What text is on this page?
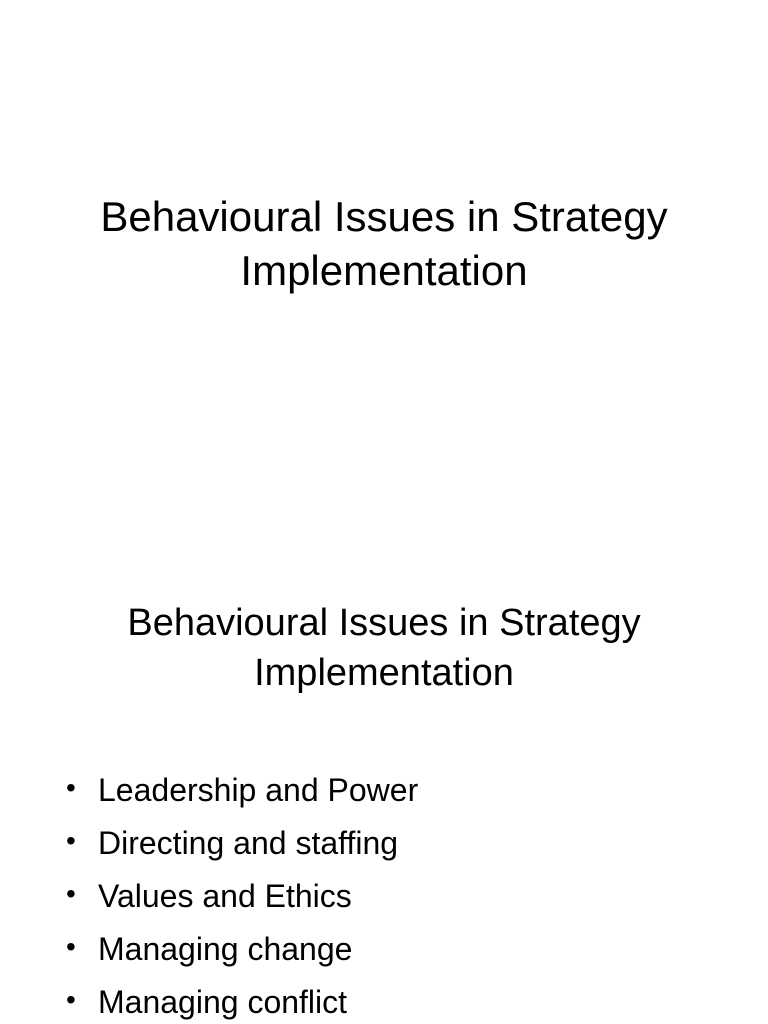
Behavioural Issues in Strategy
Implementation
Behavioural Issues in Strategy
Implementation
• Leadership and Power
• Directing and staffing
• Values and Ethics
• Managing change
• Managing conflict
